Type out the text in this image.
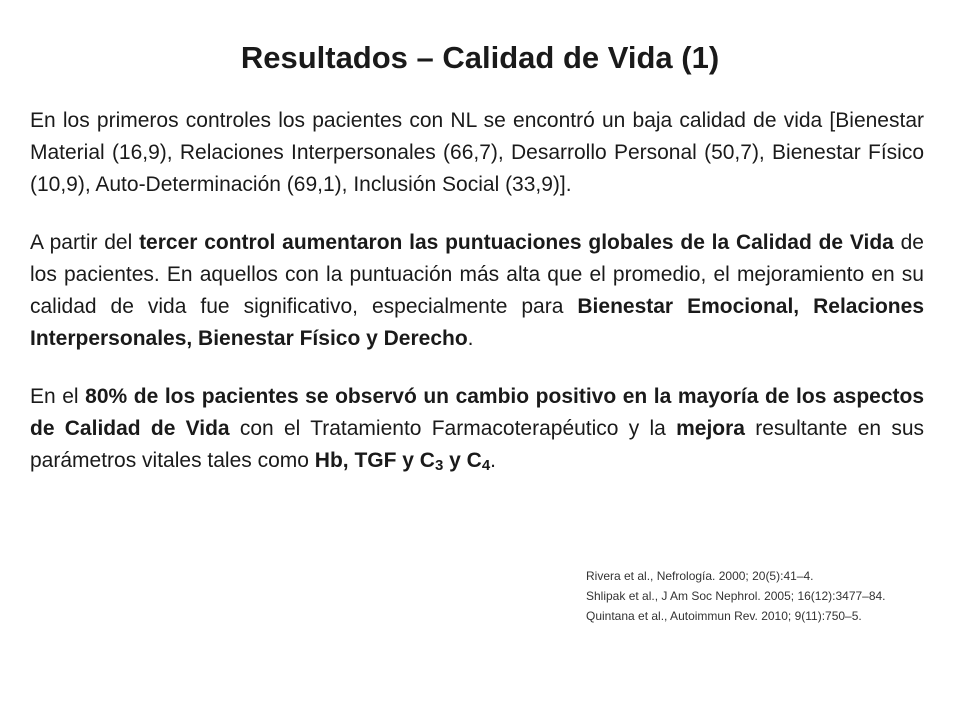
Resultados – Calidad de Vida (1)

En los primeros controles los pacientes con NL se encontró un baja calidad de vida [Bienestar Material (16,9), Relaciones Interpersonales (66,7), Desarrollo Personal (50,7), Bienestar Físico (10,9), Auto-Determinación (69,1), Inclusión Social (33,9)].

A partir del tercer control aumentaron las puntuaciones globales de la Calidad de Vida de los pacientes. En aquellos con la puntuación más alta que el promedio, el mejoramiento en su calidad de vida fue significativo, especialmente para Bienestar Emocional, Relaciones Interpersonales, Bienestar Físico y Derecho.

En el 80% de los pacientes se observó un cambio positivo en la mayoría de los aspectos de Calidad de Vida con el Tratamiento Farmacoterapéutico y la mejora resultante en sus parámetros vitales tales como Hb, TGF y $C_3$ y $C_4$.

Rivera et al., Nefrología. 2000; 20(5):41–4.
Shlipak et al., J Am Soc Nephrol. 2005; 16(12):3477–84.
Quintana et al., Autoimmun Rev. 2010; 9(11):750–5.
